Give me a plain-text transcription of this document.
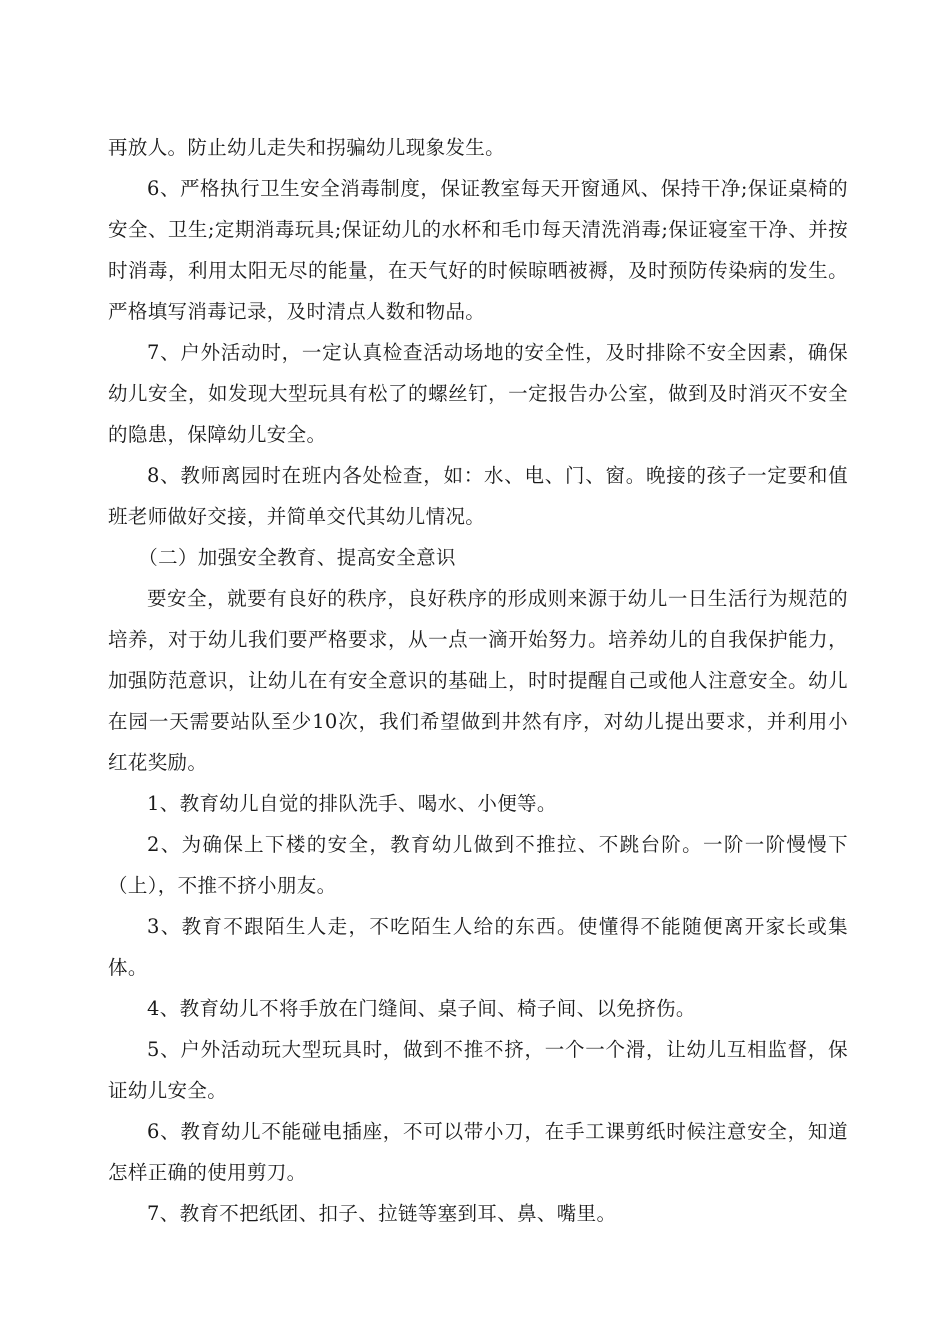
再放人。防止幼儿走失和拐骗幼儿现象发生。

6、严格执行卫生安全消毒制度，保证教室每天开窗通风、保持干净;保证桌椅的安全、卫生;定期消毒玩具;保证幼儿的水杯和毛巾每天清洗消毒;保证寝室干净、并按时消毒，利用太阳无尽的能量，在天气好的时候晾晒被褥，及时预防传染病的发生。严格填写消毒记录，及时清点人数和物品。

7、户外活动时，一定认真检查活动场地的安全性，及时排除不安全因素，确保幼儿安全，如发现大型玩具有松了的螺丝钉，一定报告办公室，做到及时消灭不安全的隐患，保障幼儿安全。

8、教师离园时在班内各处检查，如：水、电、门、窗。晚接的孩子一定要和值班老师做好交接，并简单交代其幼儿情况。

（二）加强安全教育、提高安全意识

要安全，就要有良好的秩序，良好秩序的形成则来源于幼儿一日生活行为规范的培养，对于幼儿我们要严格要求，从一点一滴开始努力。培养幼儿的自我保护能力，加强防范意识，让幼儿在有安全意识的基础上，时时提醒自己或他人注意安全。幼儿在园一天需要站队至少10次，我们希望做到井然有序，对幼儿提出要求，并利用小红花奖励。

1、教育幼儿自觉的排队洗手、喝水、小便等。

2、为确保上下楼的安全，教育幼儿做到不推拉、不跳台阶。一阶一阶慢慢下（上），不推不挤小朋友。

3、教育不跟陌生人走，不吃陌生人给的东西。使懂得不能随便离开家长或集体。

4、教育幼儿不将手放在门缝间、桌子间、椅子间、以免挤伤。

5、户外活动玩大型玩具时，做到不推不挤，一个一个滑，让幼儿互相监督，保证幼儿安全。

6、教育幼儿不能碰电插座，不可以带小刀，在手工课剪纸时候注意安全，知道怎样正确的使用剪刀。

7、教育不把纸团、扣子、拉链等塞到耳、鼻、嘴里。
